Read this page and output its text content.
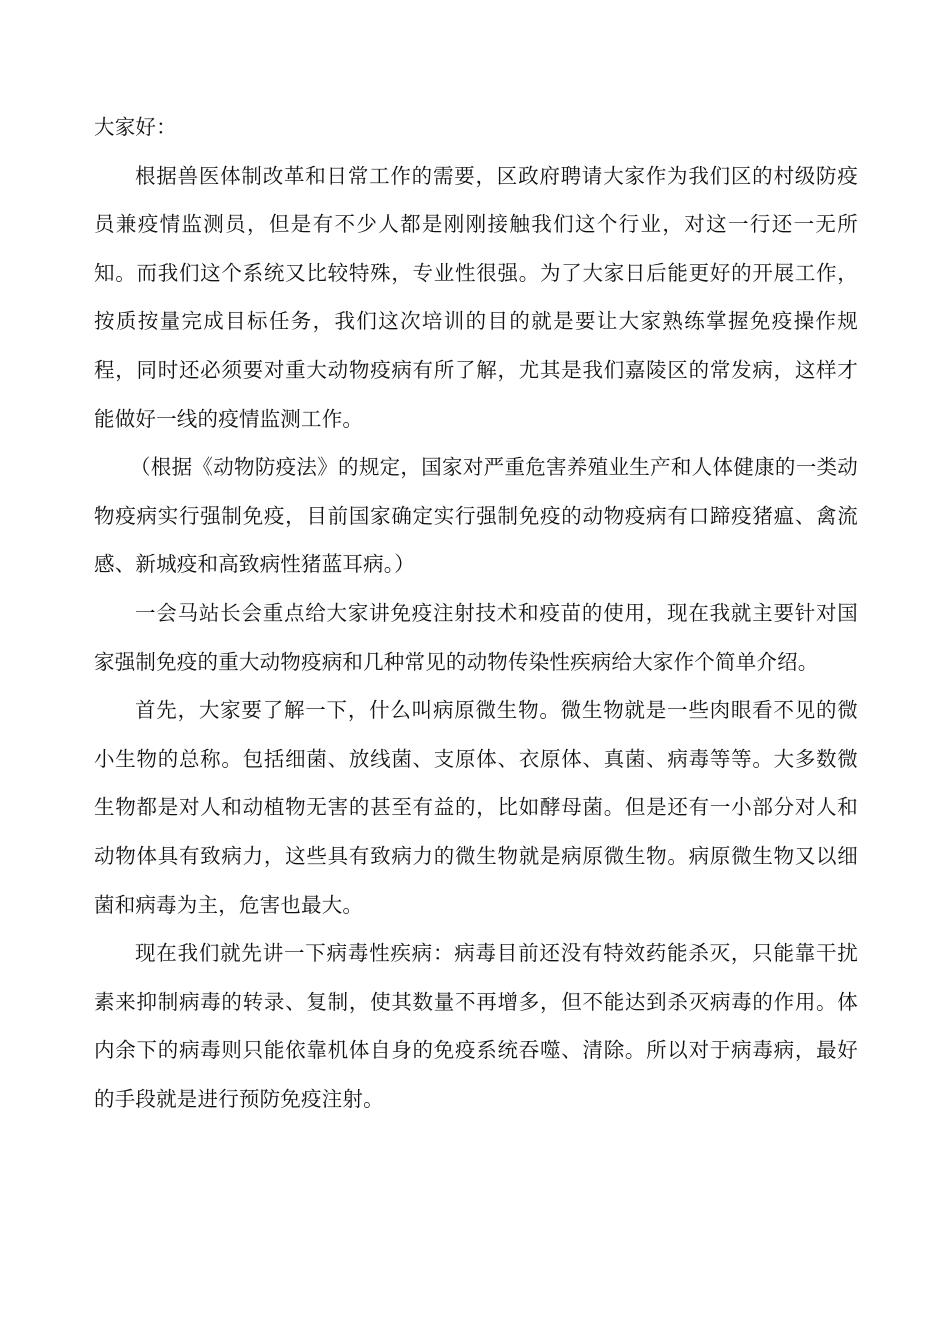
大家好：

根据兽医体制改革和日常工作的需要，区政府聘请大家作为我们区的村级防疫员兼疫情监测员，但是有不少人都是刚刚接触我们这个行业，对这一行还一无所知。而我们这个系统又比较特殊，专业性很强。为了大家日后能更好的开展工作，按质按量完成目标任务，我们这次培训的目的就是要让大家熟练掌握免疫操作规程，同时还必须要对重大动物疫病有所了解，尤其是我们嘉陵区的常发病，这样才能做好一线的疫情监测工作。

（根据《动物防疫法》的规定，国家对严重危害养殖业生产和人体健康的一类动物疫病实行强制免疫，目前国家确定实行强制免疫的动物疫病有口蹄疫猪瘟、禽流感、新城疫和高致病性猪蓝耳病。）

一会马站长会重点给大家讲免疫注射技术和疫苗的使用，现在我就主要针对国家强制免疫的重大动物疫病和几种常见的动物传染性疾病给大家作个简单介绍。

首先，大家要了解一下，什么叫病原微生物。微生物就是一些肉眼看不见的微小生物的总称。包括细菌、放线菌、支原体、衣原体、真菌、病毒等等。大多数微生物都是对人和动植物无害的甚至有益的，比如酵母菌。但是还有一小部分对人和动物体具有致病力，这些具有致病力的微生物就是病原微生物。病原微生物又以细菌和病毒为主，危害也最大。

现在我们就先讲一下病毒性疾病：病毒目前还没有特效药能杀灭，只能靠干扰素来抑制病毒的转录、复制，使其数量不再增多，但不能达到杀灭病毒的作用。体内余下的病毒则只能依靠机体自身的免疫系统吞噬、清除。所以对于病毒病，最好的手段就是进行预防免疫注射。
